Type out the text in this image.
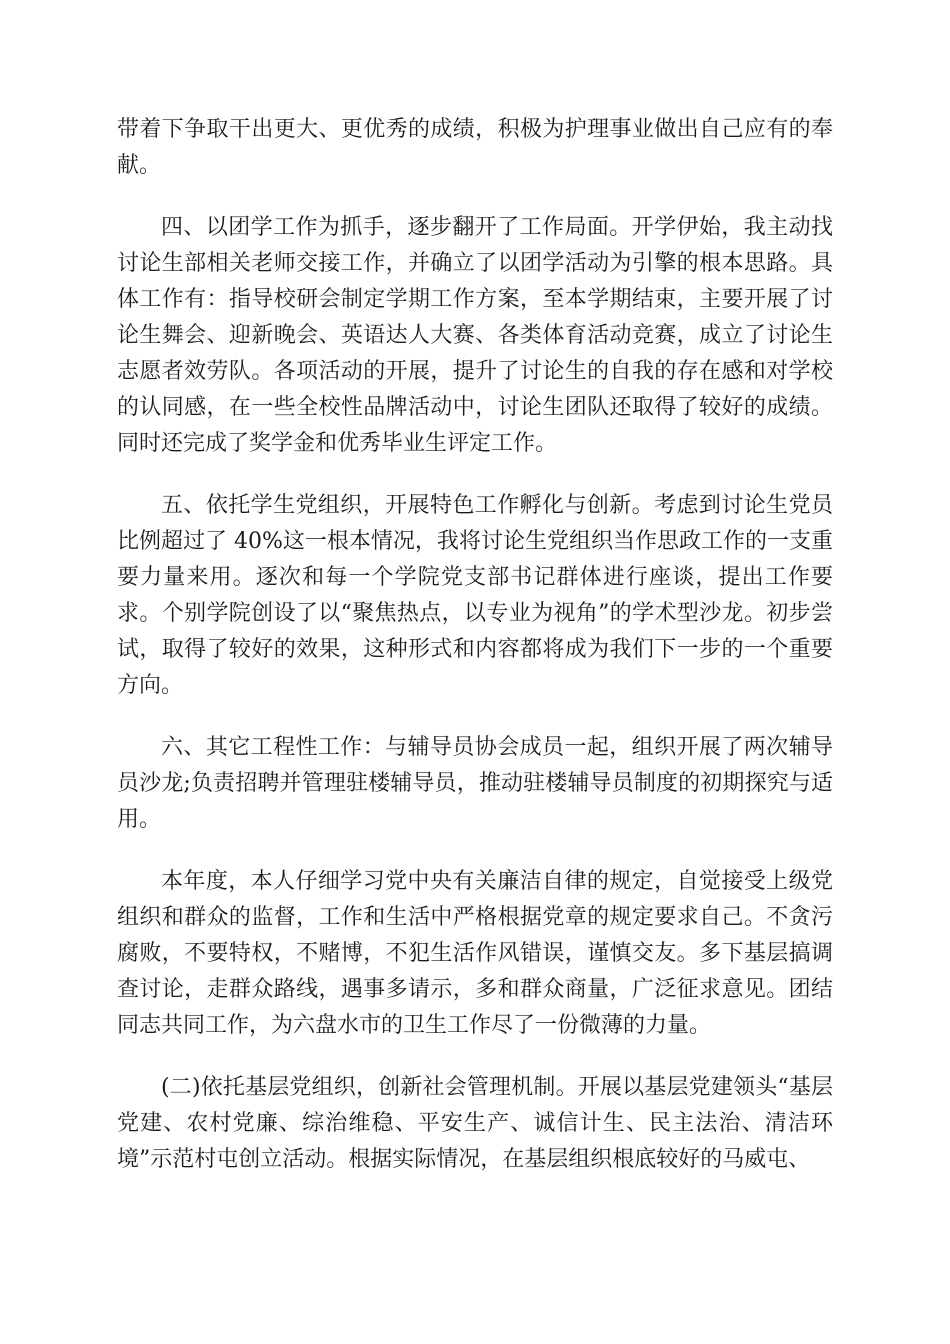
带着下争取干出更大、更优秀的成绩，积极为护理事业做出自己应有的奉献。

四、以团学工作为抓手，逐步翻开了工作局面。开学伊始，我主动找讨论生部相关老师交接工作，并确立了以团学活动为引擎的根本思路。具体工作有：指导校研会制定学期工作方案，至本学期结束，主要开展了讨论生舞会、迎新晚会、英语达人大赛、各类体育活动竞赛，成立了讨论生志愿者效劳队。各项活动的开展，提升了讨论生的自我的存在感和对学校的认同感，在一些全校性品牌活动中，讨论生团队还取得了较好的成绩。同时还完成了奖学金和优秀毕业生评定工作。

五、依托学生党组织，开展特色工作孵化与创新。考虑到讨论生党员比例超过了 40%这一根本情况，我将讨论生党组织当作思政工作的一支重要力量来用。逐次和每一个学院党支部书记群体进行座谈，提出工作要求。个别学院创设了以“聚焦热点，以专业为视角”的学术型沙龙。初步尝试，取得了较好的效果，这种形式和内容都将成为我们下一步的一个重要方向。

六、其它工程性工作：与辅导员协会成员一起，组织开展了两次辅导员沙龙;负责招聘并管理驻楼辅导员，推动驻楼辅导员制度的初期探究与适用。

本年度，本人仔细学习党中央有关廉洁自律的规定，自觉接受上级党组织和群众的监督，工作和生活中严格根据党章的规定要求自己。不贪污腐败，不要特权，不赌博，不犯生活作风错误，谨慎交友。多下基层搞调查讨论，走群众路线，遇事多请示，多和群众商量，广泛征求意见。团结同志共同工作，为六盘水市的卫生工作尽了一份微薄的力量。

(二)依托基层党组织，创新社会管理机制。开展以基层党建领头“基层党建、农村党廉、综治维稳、平安生产、诚信计生、民主法治、清洁环境”示范村屯创立活动。根据实际情况，在基层组织根底较好的马威屯、
